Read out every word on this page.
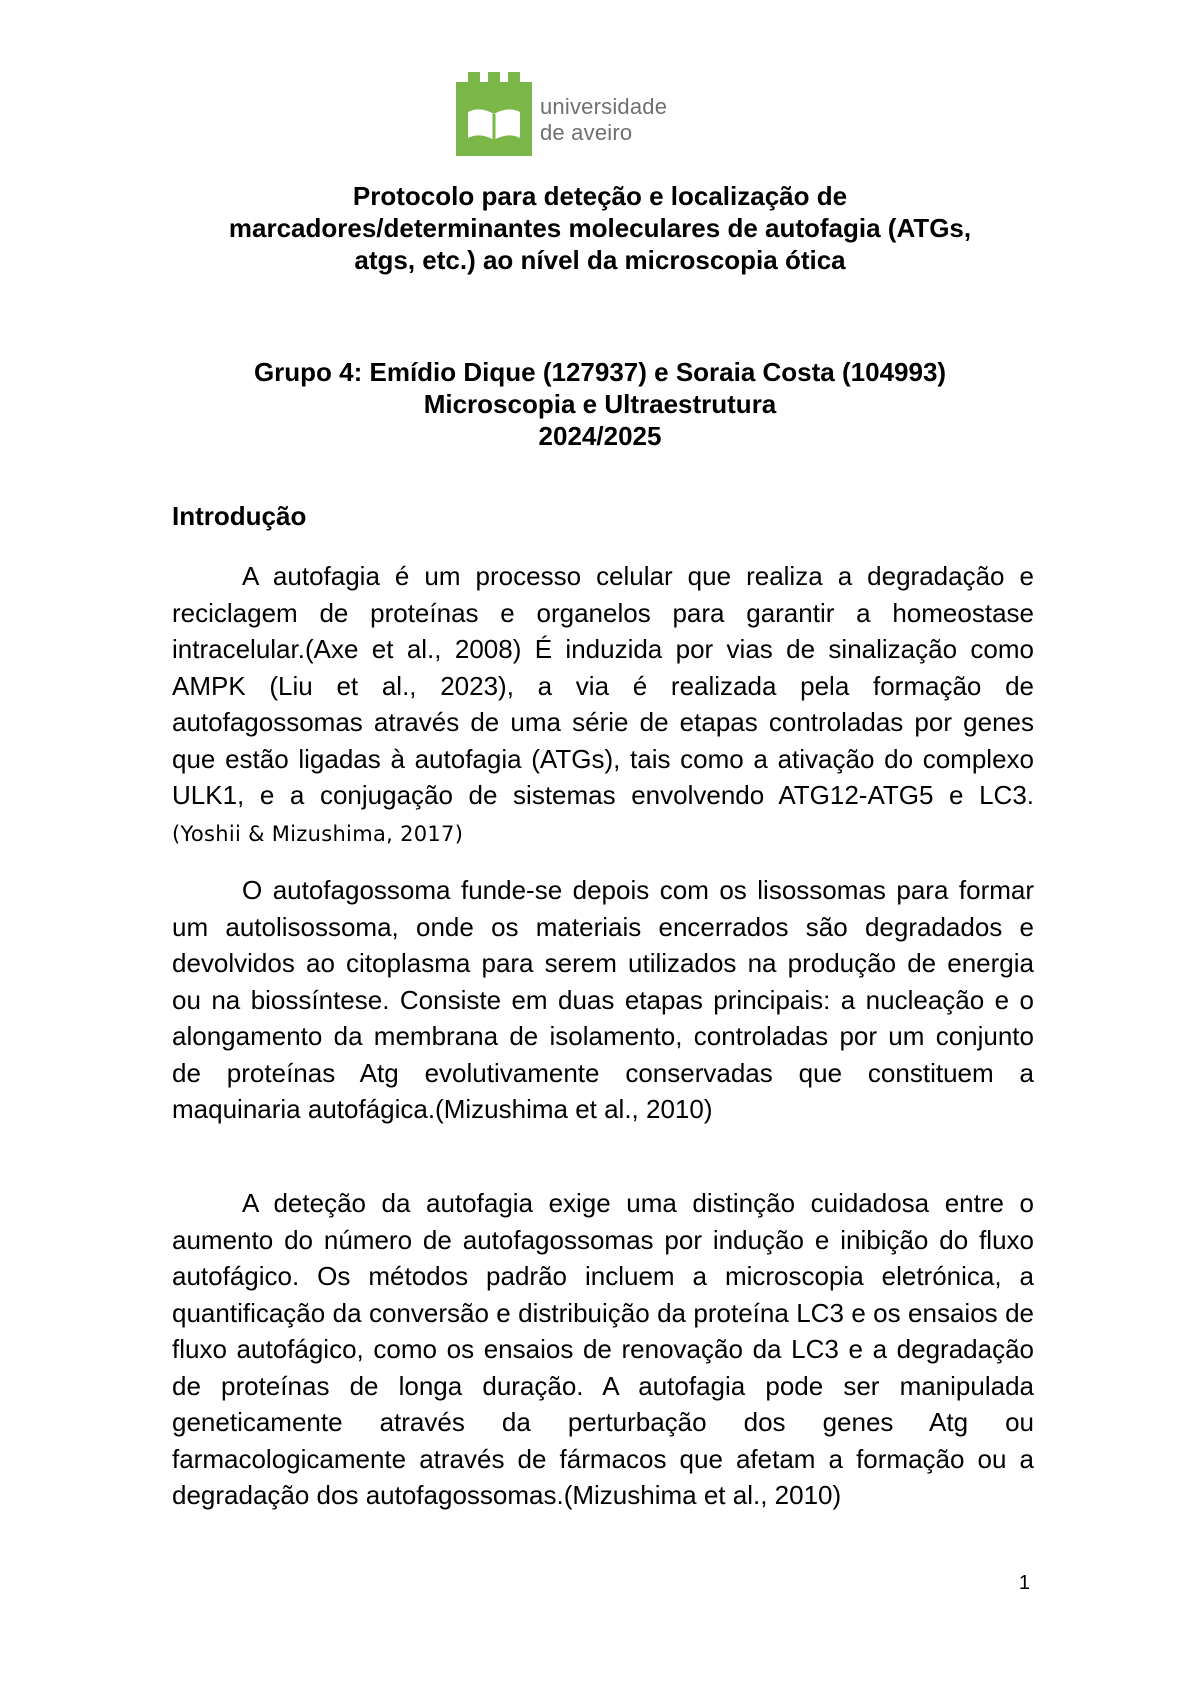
universidade
de aveiro
Protocolo para deteção e localização de
marcadores/determinantes moleculares de autofagia (ATGs,
atgs, etc.) ao nível da microscopia ótica
Grupo 4: Emídio Dique (127937) e Soraia Costa (104993)
Microscopia e Ultraestrutura
2024/2025
Introdução

A autofagia é um processo celular que realiza a degradação e reciclagem de proteínas e organelos para garantir a homeostase intracelular.(Axe et al., 2008) É induzida por vias de sinalização como AMPK (Liu et al., 2023), a via é realizada pela formação de autofagossomas através de uma série de etapas controladas por genes que estão ligadas à autofagia (ATGs), tais como a ativação do complexo ULK1, e a conjugação de sistemas envolvendo ATG12-ATG5 e LC3. (Yoshii & Mizushima, 2017)

O autofagossoma funde-se depois com os lisossomas para formar um autolisossoma, onde os materiais encerrados são degradados e devolvidos ao citoplasma para serem utilizados na produção de energia ou na biossíntese. Consiste em duas etapas principais: a nucleação e o alongamento da membrana de isolamento, controladas por um conjunto de proteínas Atg evolutivamente conservadas que constituem a maquinaria autofágica.(Mizushima et al., 2010)

A deteção da autofagia exige uma distinção cuidadosa entre o aumento do número de autofagossomas por indução e inibição do fluxo autofágico. Os métodos padrão incluem a microscopia eletrónica, a quantificação da conversão e distribuição da proteína LC3 e os ensaios de fluxo autofágico, como os ensaios de renovação da LC3 e a degradação de proteínas de longa duração. A autofagia pode ser manipulada geneticamente através da perturbação dos genes Atg ou farmacologicamente através de fármacos que afetam a formação ou a degradação dos autofagossomas.(Mizushima et al., 2010)

1
